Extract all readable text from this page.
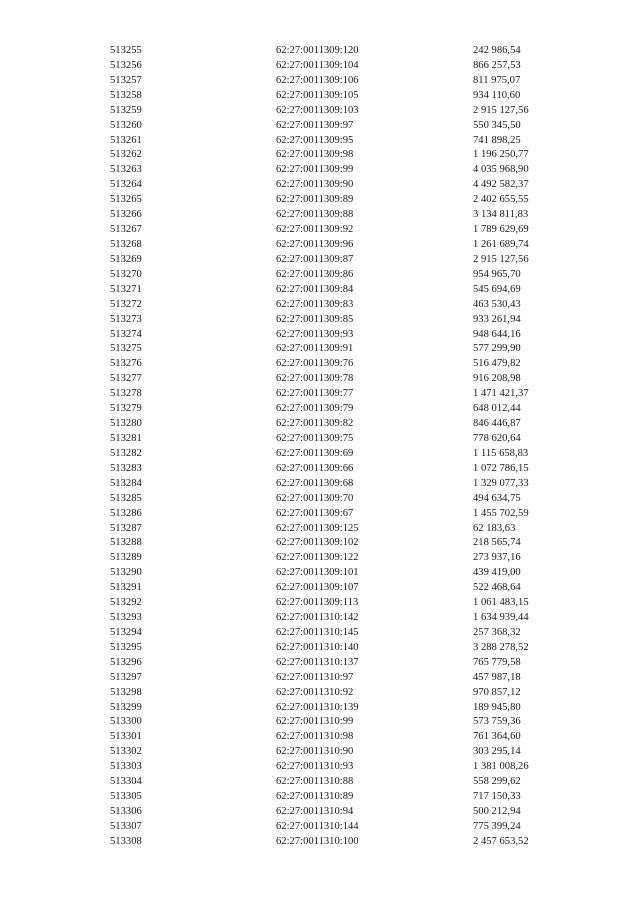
513255	62:27:0011309:120	242 986,54
513256	62:27:0011309:104	866 257,53
513257	62:27:0011309:106	811 975,07
513258	62:27:0011309:105	934 110,60
513259	62:27:0011309:103	2 915 127,56
513260	62:27:0011309:97	550 345,50
513261	62:27:0011309:95	741 898,25
513262	62:27:0011309:98	1 196 250,77
513263	62:27:0011309:99	4 035 968,90
513264	62:27:0011309:90	4 492 582,37
513265	62:27:0011309:89	2 402 655,55
513266	62:27:0011309:88	3 134 811,83
513267	62:27:0011309:92	1 789 629,69
513268	62:27:0011309:96	1 261 689,74
513269	62:27:0011309:87	2 915 127,56
513270	62:27:0011309:86	954 965,70
513271	62:27:0011309:84	545 694,69
513272	62:27:0011309:83	463 530,43
513273	62:27:0011309:85	933 261,94
513274	62:27:0011309:93	948 644,16
513275	62:27:0011309:91	577 299,90
513276	62:27:0011309:76	516 479,82
513277	62:27:0011309:78	916 208,98
513278	62:27:0011309:77	1 471 421,37
513279	62:27:0011309:79	648 012,44
513280	62:27:0011309:82	846 446,87
513281	62:27:0011309:75	778 620,64
513282	62:27:0011309:69	1 115 658,83
513283	62:27:0011309:66	1 072 786,15
513284	62:27:0011309:68	1 329 077,33
513285	62:27:0011309:70	494 634,75
513286	62:27:0011309:67	1 455 702,59
513287	62:27:0011309:125	62 183,63
513288	62:27:0011309:102	218 565,74
513289	62:27:0011309:122	273 937,16
513290	62:27:0011309:101	439 419,00
513291	62:27:0011309:107	522 468,64
513292	62:27:0011309:113	1 061 483,15
513293	62:27:0011310:142	1 634 939,44
513294	62:27:0011310:145	257 368,32
513295	62:27:0011310:140	3 288 278,52
513296	62:27:0011310:137	765 779,58
513297	62:27:0011310:97	457 987,18
513298	62:27:0011310:92	970 857,12
513299	62:27:0011310:139	189 945,80
513300	62:27:0011310:99	573 759,36
513301	62:27:0011310:98	761 364,60
513302	62:27:0011310:90	303 295,14
513303	62:27:0011310:93	1 381 008,26
513304	62:27:0011310:88	558 299,62
513305	62:27:0011310:89	717 150,33
513306	62:27:0011310:94	500 212,94
513307	62:27:0011310:144	775 399,24
513308	62:27:0011310:100	2 457 653,52
